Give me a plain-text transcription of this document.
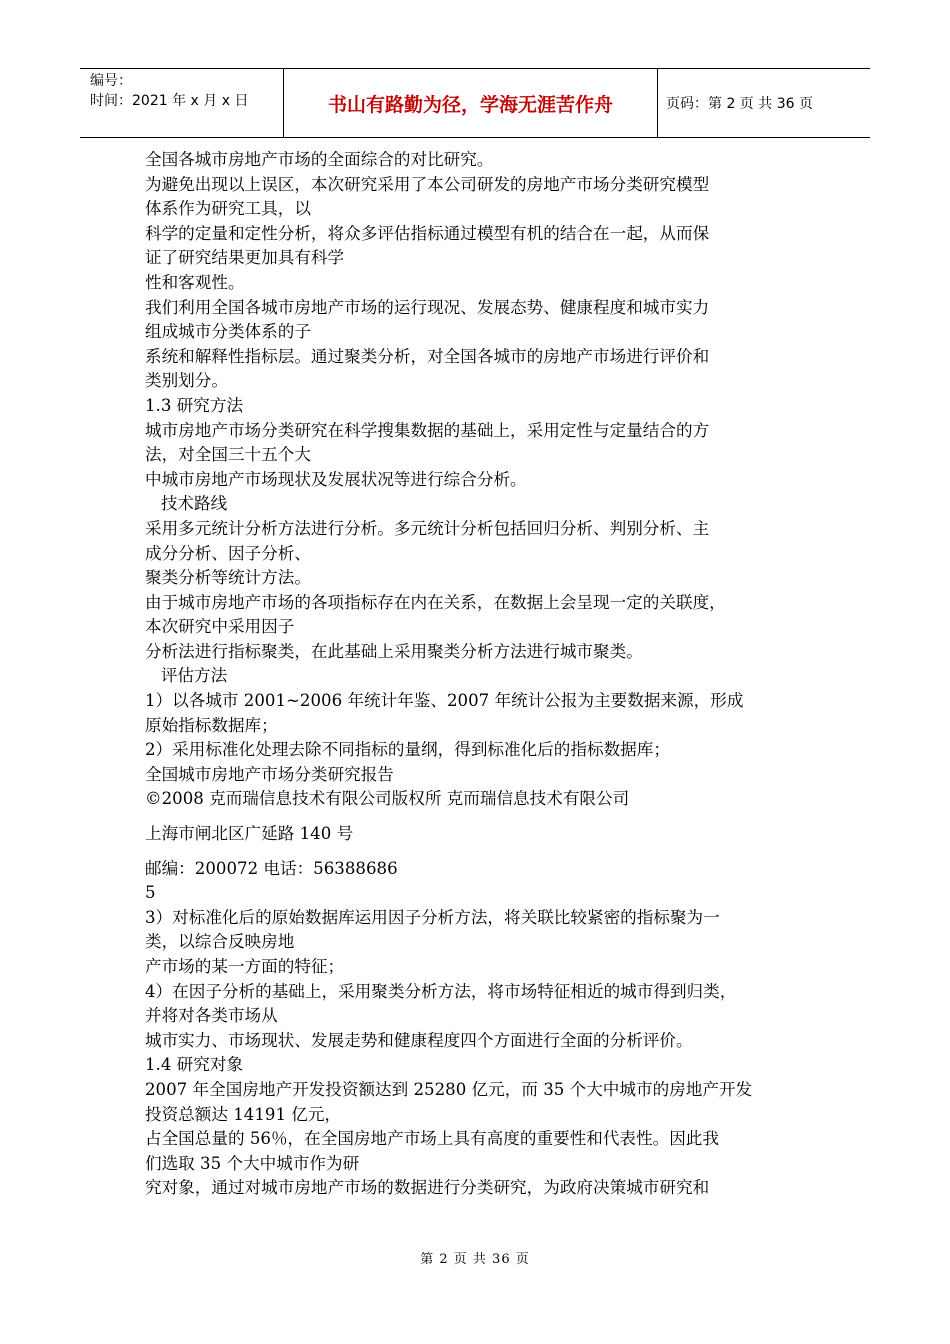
编号：
时间：2021 年 x 月 x 日	书山有路勤为径，学海无涯苦作舟	页码：第 2 页 共 36 页
全国各城市房地产市场的全面综合的对比研究。
为避免出现以上误区，本次研究采用了本公司研发的房地产市场分类研究模型
体系作为研究工具，以
科学的定量和定性分析，将众多评估指标通过模型有机的结合在一起，从而保
证了研究结果更加具有科学
性和客观性。
我们利用全国各城市房地产市场的运行现况、发展态势、健康程度和城市实力
组成城市分类体系的子
系统和解释性指标层。通过聚类分析，对全国各城市的房地产市场进行评价和
类别划分。
1.3 研究方法
城市房地产市场分类研究在科学搜集数据的基础上，采用定性与定量结合的方
法，对全国三十五个大
中城市房地产市场现状及发展状况等进行综合分析。
技术路线
采用多元统计分析方法进行分析。多元统计分析包括回归分析、判别分析、主
成分分析、因子分析、
聚类分析等统计方法。
由于城市房地产市场的各项指标存在内在关系，在数据上会呈现一定的关联度，
本次研究中采用因子
分析法进行指标聚类，在此基础上采用聚类分析方法进行城市聚类。
评估方法
1）以各城市 2001~2006 年统计年鉴、2007 年统计公报为主要数据来源，形成
原始指标数据库；
2）采用标准化处理去除不同指标的量纲，得到标准化后的指标数据库；
全国城市房地产市场分类研究报告
©2008 克而瑞信息技术有限公司版权所 克而瑞信息技术有限公司
上海市闸北区广延路 140 号
邮编：200072 电话：56388686
5
3）对标准化后的原始数据库运用因子分析方法，将关联比较紧密的指标聚为一
类，以综合反映房地
产市场的某一方面的特征；
4）在因子分析的基础上，采用聚类分析方法，将市场特征相近的城市得到归类，
并将对各类市场从
城市实力、市场现状、发展走势和健康程度四个方面进行全面的分析评价。
1.4 研究对象
2007 年全国房地产开发投资额达到 25280 亿元，而 35 个大中城市的房地产开发
投资总额达 14191 亿元，
占全国总量的 56％，在全国房地产市场上具有高度的重要性和代表性。因此我
们选取 35 个大中城市作为研
究对象，通过对城市房地产市场的数据进行分类研究，为政府决策城市研究和
第 2 页 共 36 页
